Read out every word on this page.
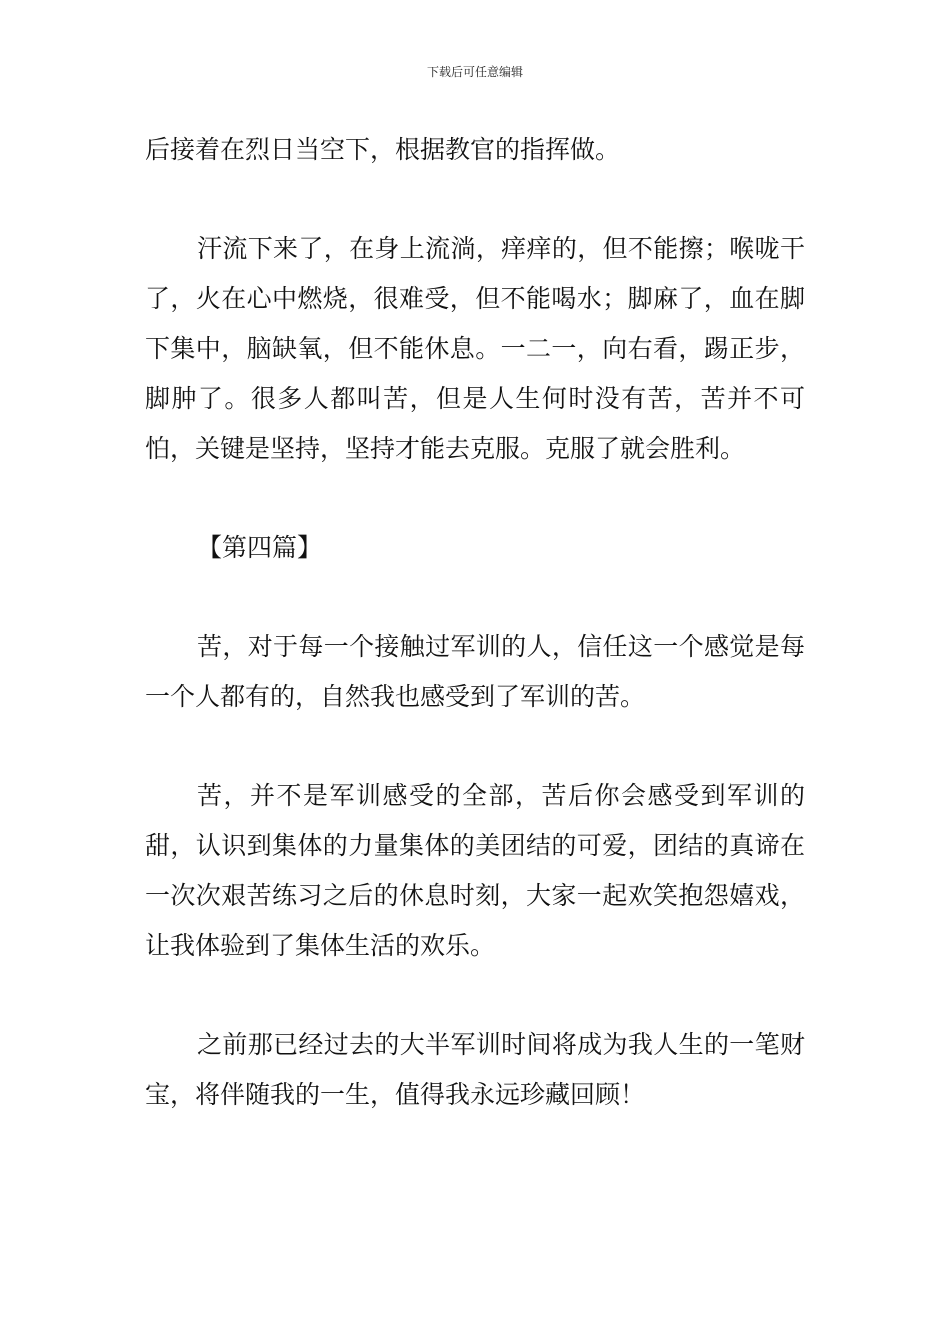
下载后可任意编辑

后接着在烈日当空下，根据教官的指挥做。

汗流下来了，在身上流淌，痒痒的，但不能擦；喉咙干了，火在心中燃烧，很难受，但不能喝水；脚麻了，血在脚下集中，脑缺氧，但不能休息。一二一，向右看，踢正步，脚肿了。很多人都叫苦，但是人生何时没有苦，苦并不可怕，关键是坚持，坚持才能去克服。克服了就会胜利。

【第四篇】

苦，对于每一个接触过军训的人，信任这一个感觉是每一个人都有的，自然我也感受到了军训的苦。

苦，并不是军训感受的全部，苦后你会感受到军训的甜，认识到集体的力量集体的美团结的可爱，团结的真谛在一次次艰苦练习之后的休息时刻，大家一起欢笑抱怨嬉戏，让我体验到了集体生活的欢乐。

之前那已经过去的大半军训时间将成为我人生的一笔财宝，将伴随我的一生，值得我永远珍藏回顾！
